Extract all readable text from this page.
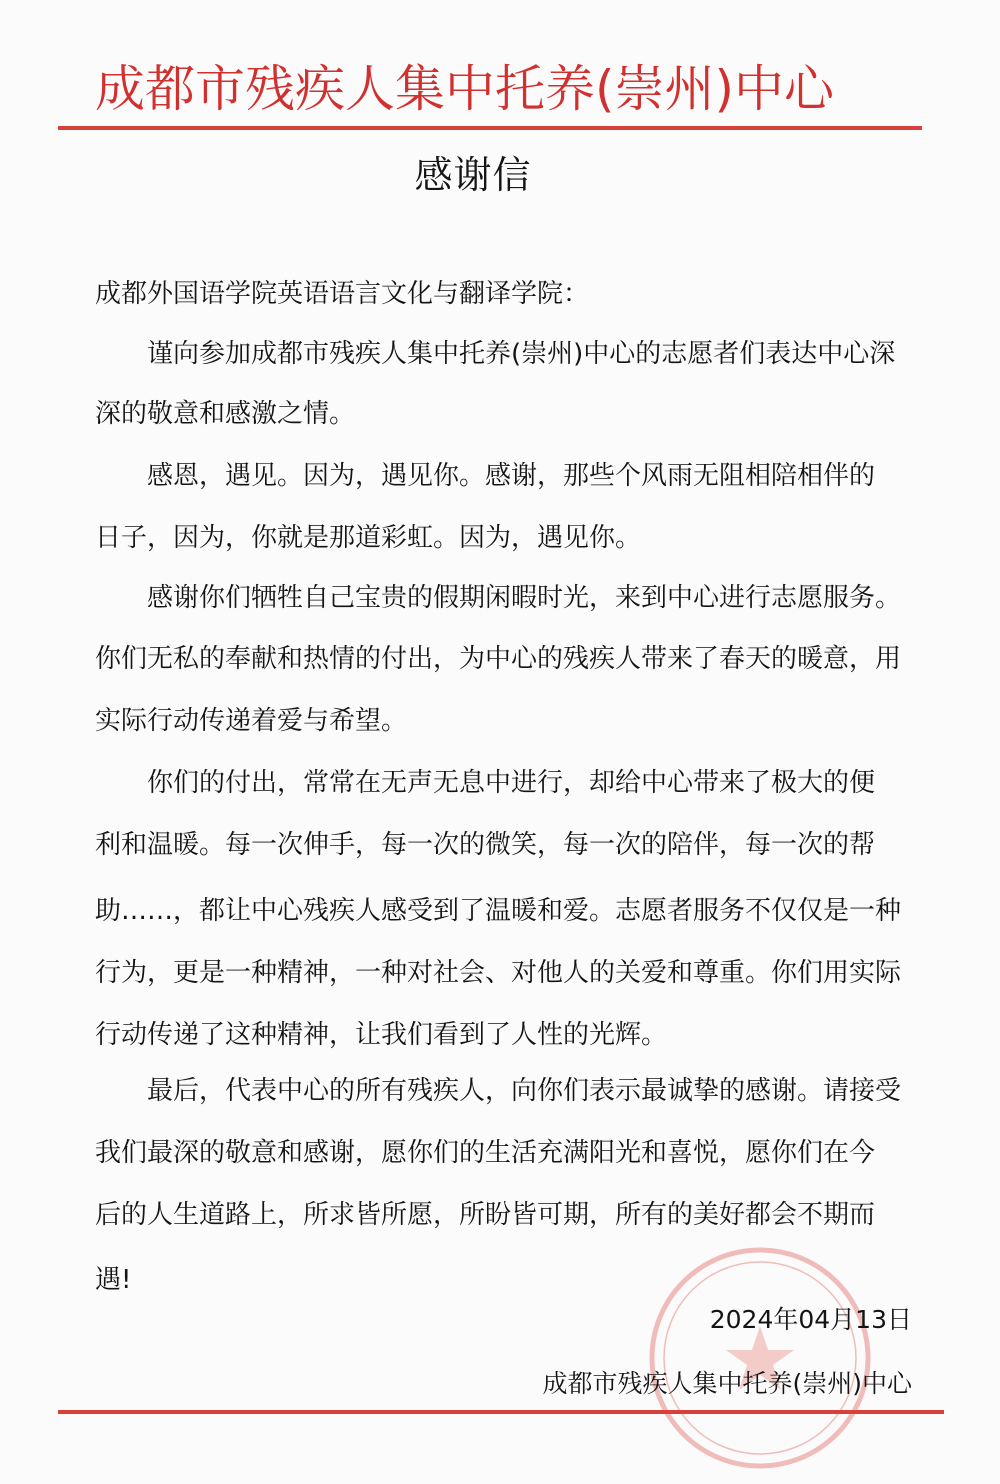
成都市残疾人集中托养(崇州)中心
感谢信
成都外国语学院英语语言文化与翻译学院：
谨向参加成都市残疾人集中托养(崇州)中心的志愿者们表达中心深
深的敬意和感激之情。
感恩，遇见。因为，遇见你。感谢，那些个风雨无阻相陪相伴的
日子，因为，你就是那道彩虹。因为，遇见你。
感谢你们牺牲自己宝贵的假期闲暇时光，来到中心进行志愿服务。
你们无私的奉献和热情的付出，为中心的残疾人带来了春天的暖意，用
实际行动传递着爱与希望。
你们的付出，常常在无声无息中进行，却给中心带来了极大的便
利和温暖。每一次伸手，每一次的微笑，每一次的陪伴，每一次的帮
助……，都让中心残疾人感受到了温暖和爱。志愿者服务不仅仅是一种
行为，更是一种精神，一种对社会、对他人的关爱和尊重。你们用实际
行动传递了这种精神，让我们看到了人性的光辉。
最后，代表中心的所有残疾人，向你们表示最诚挚的感谢。请接受
我们最深的敬意和感谢，愿你们的生活充满阳光和喜悦，愿你们在今
后的人生道路上，所求皆所愿，所盼皆可期，所有的美好都会不期而
遇!
2024年04月13日
成都市残疾人集中托养(崇州)中心
